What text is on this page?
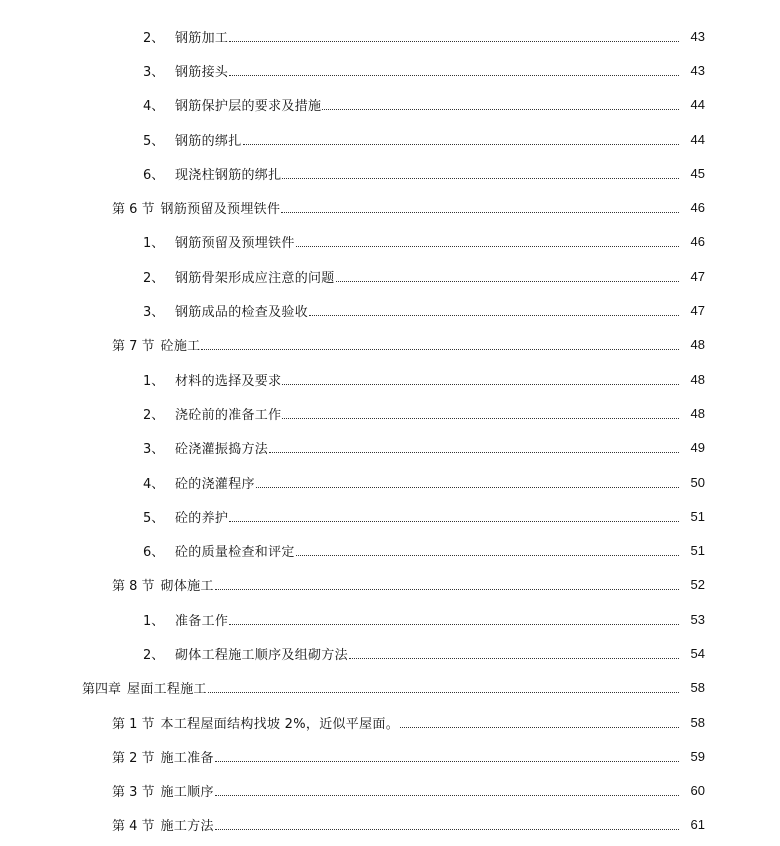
2、 钢筋加工	43
3、 钢筋接头	43
4、 钢筋保护层的要求及措施	44
5、 钢筋的绑扎	44
6、 现浇柱钢筋的绑扎	45
第 6 节 钢筋预留及预埋铁件	46
1、 钢筋预留及预埋铁件	46
2、 钢筋骨架形成应注意的问题	47
3、 钢筋成品的检查及验收	47
第 7 节 砼施工	48
1、 材料的选择及要求	48
2、 浇砼前的准备工作	48
3、 砼浇灌振捣方法	49
4、 砼的浇灌程序	50
5、 砼的养护	51
6、 砼的质量检查和评定	51
第 8 节 砌体施工	52
1、 准备工作	53
2、 砌体工程施工顺序及组砌方法	54
第四章 屋面工程施工	58
第 1 节 本工程屋面结构找坡 2%，近似平屋面。	58
第 2 节 施工准备	59
第 3 节 施工顺序	60
第 4 节 施工方法	61
